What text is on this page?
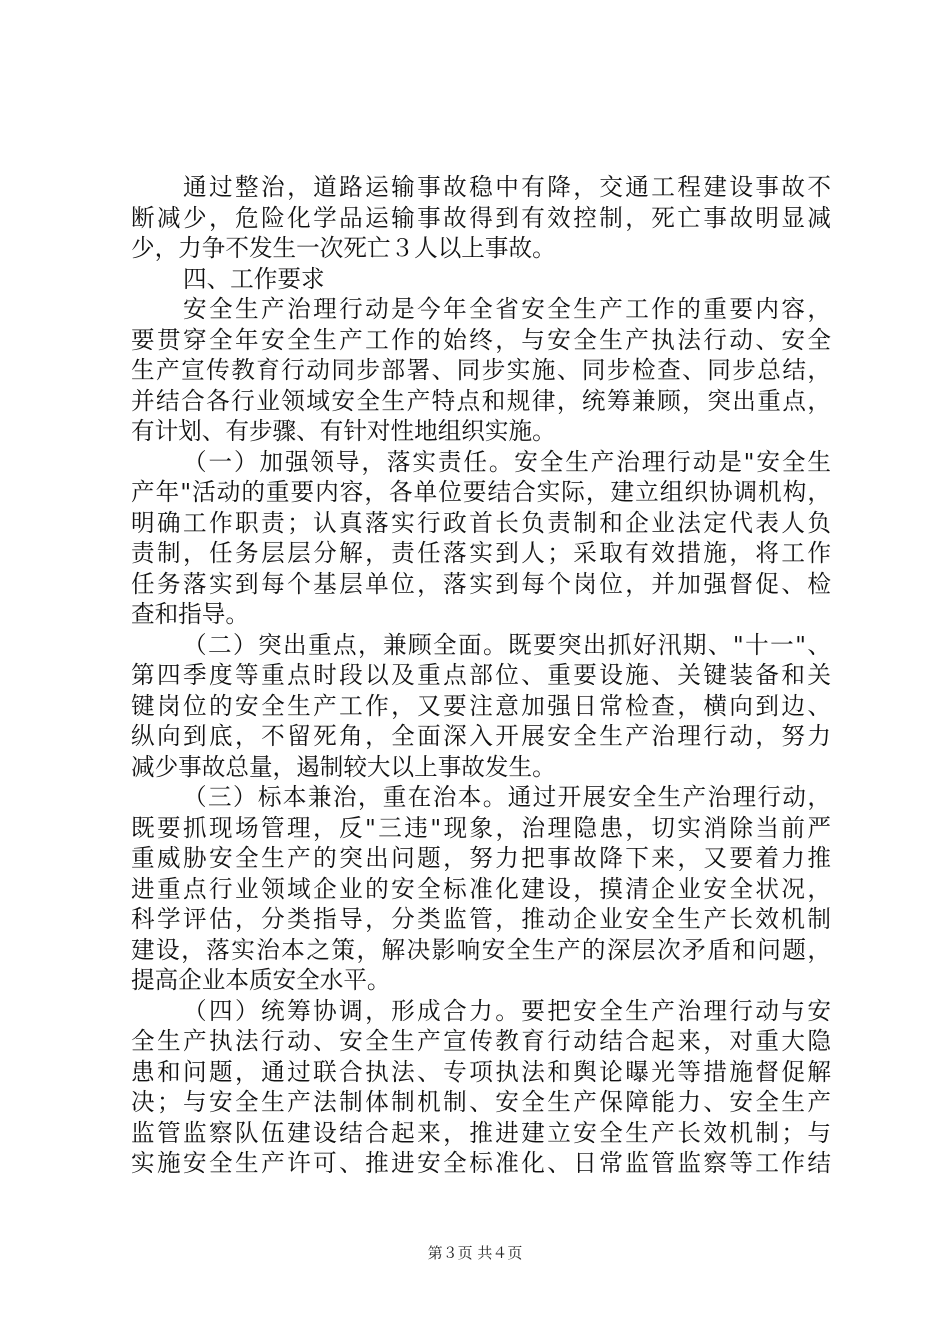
通过整治，道路运输事故稳中有降，交通工程建设事故不
断减少，危险化学品运输事故得到有效控制，死亡事故明显减
少，力争不发生一次死亡３人以上事故。
四、工作要求
安全生产治理行动是今年全省安全生产工作的重要内容，
要贯穿全年安全生产工作的始终，与安全生产执法行动、安全
生产宣传教育行动同步部署、同步实施、同步检查、同步总结，
并结合各行业领域安全生产特点和规律，统筹兼顾，突出重点，
有计划、有步骤、有针对性地组织实施。
（一）加强领导，落实责任。安全生产治理行动是"安全生
产年"活动的重要内容，各单位要结合实际，建立组织协调机构，
明确工作职责；认真落实行政首长负责制和企业法定代表人负
责制，任务层层分解，责任落实到人；采取有效措施，将工作
任务落实到每个基层单位，落实到每个岗位，并加强督促、检
查和指导。
（二）突出重点，兼顾全面。既要突出抓好汛期、"十一"、
第四季度等重点时段以及重点部位、重要设施、关键装备和关
键岗位的安全生产工作，又要注意加强日常检查，横向到边、
纵向到底，不留死角，全面深入开展安全生产治理行动，努力
减少事故总量，遏制较大以上事故发生。
（三）标本兼治，重在治本。通过开展安全生产治理行动，
既要抓现场管理，反"三违"现象，治理隐患，切实消除当前严
重威胁安全生产的突出问题，努力把事故降下来，又要着力推
进重点行业领域企业的安全标准化建设，摸清企业安全状况，
科学评估，分类指导，分类监管，推动企业安全生产长效机制
建设，落实治本之策，解决影响安全生产的深层次矛盾和问题，
提高企业本质安全水平。
（四）统筹协调，形成合力。要把安全生产治理行动与安
全生产执法行动、安全生产宣传教育行动结合起来，对重大隐
患和问题，通过联合执法、专项执法和舆论曝光等措施督促解
决；与安全生产法制体制机制、安全生产保障能力、安全生产
监管监察队伍建设结合起来，推进建立安全生产长效机制；与
实施安全生产许可、推进安全标准化、日常监管监察等工作结
第３页 共４页
